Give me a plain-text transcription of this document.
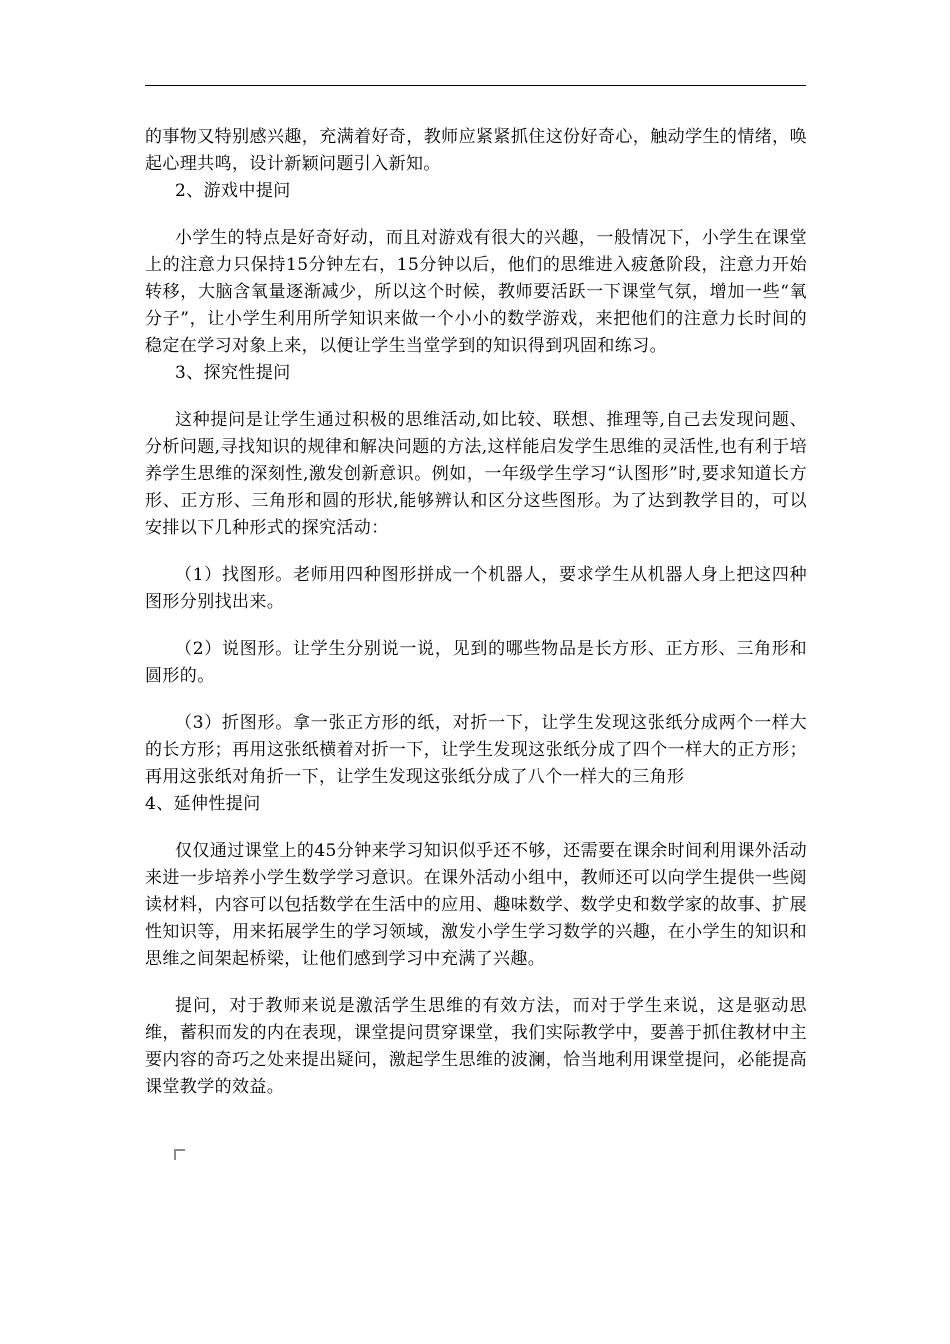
的事物又特别感兴趣，充满着好奇，教师应紧紧抓住这份好奇心，触动学生的情绪，唤起心理共鸣，设计新颖问题引入新知。

2、游戏中提问

小学生的特点是好奇好动，而且对游戏有很大的兴趣，一般情况下，小学生在课堂上的注意力只保持15分钟左右，15分钟以后，他们的思维进入疲惫阶段，注意力开始转移，大脑含氧量逐渐减少，所以这个时候，教师要活跃一下课堂气氛，增加一些“氧分子”，让小学生利用所学知识来做一个小小的数学游戏，来把他们的注意力长时间的稳定在学习对象上来，以便让学生当堂学到的知识得到巩固和练习。

3、探究性提问

这种提问是让学生通过积极的思维活动,如比较、联想、推理等,自己去发现问题、分析问题,寻找知识的规律和解决问题的方法,这样能启发学生思维的灵活性,也有利于培养学生思维的深刻性,激发创新意识。例如，一年级学生学习“认图形”时,要求知道长方形、正方形、三角形和圆的形状,能够辨认和区分这些图形。为了达到教学目的，可以安排以下几种形式的探究活动：

（1）找图形。老师用四种图形拼成一个机器人，要求学生从机器人身上把这四种图形分别找出来。

（2）说图形。让学生分别说一说，见到的哪些物品是长方形、正方形、三角形和圆形的。

（3）折图形。拿一张正方形的纸，对折一下，让学生发现这张纸分成两个一样大的长方形；再用这张纸横着对折一下，让学生发现这张纸分成了四个一样大的正方形；再用这张纸对角折一下，让学生发现这张纸分成了八个一样大的三角形

4、延伸性提问

仅仅通过课堂上的45分钟来学习知识似乎还不够，还需要在课余时间利用课外活动来进一步培养小学生数学学习意识。在课外活动小组中，教师还可以向学生提供一些阅读材料，内容可以包括数学在生活中的应用、趣味数学、数学史和数学家的故事、扩展性知识等，用来拓展学生的学习领域，激发小学生学习数学的兴趣，在小学生的知识和思维之间架起桥梁，让他们感到学习中充满了兴趣。

提问，对于教师来说是激活学生思维的有效方法，而对于学生来说，这是驱动思维，蓄积而发的内在表现，课堂提问贯穿课堂，我们实际教学中，要善于抓住教材中主要内容的奇巧之处来提出疑问，激起学生思维的波澜，恰当地利用课堂提问，必能提高课堂教学的效益。
